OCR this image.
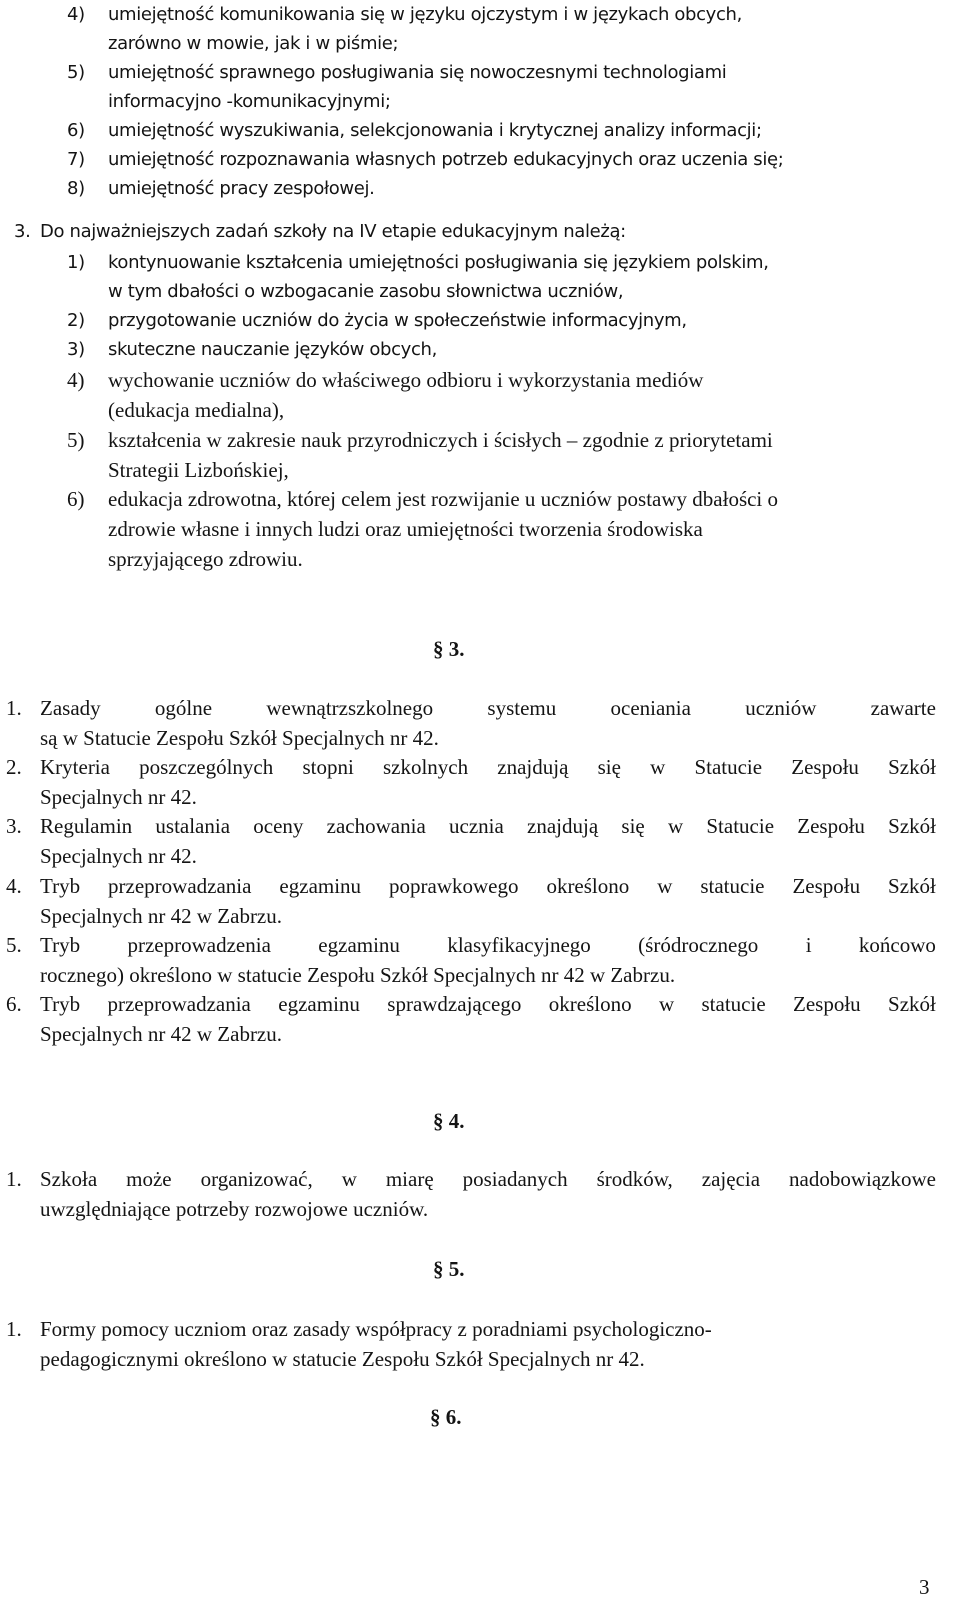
4) umiejętność komunikowania się w języku ojczystym i w językach obcych,
zarówno w mowie, jak i w piśmie;
5) umiejętność sprawnego posługiwania się nowoczesnymi technologiami
informacyjno -komunikacyjnymi;
6) umiejętność wyszukiwania, selekcjonowania i krytycznej analizy informacji;
7) umiejętność rozpoznawania własnych potrzeb edukacyjnych oraz uczenia się;
8) umiejętność pracy zespołowej.
3. Do najważniejszych zadań szkoły na IV etapie edukacyjnym należą:
1) kontynuowanie kształcenia umiejętności posługiwania się językiem polskim,
w tym dbałości o wzbogacanie zasobu słownictwa uczniów,
2) przygotowanie uczniów do życia w społeczeństwie informacyjnym,
3) skuteczne nauczanie języków obcych,
4) wychowanie uczniów do właściwego odbioru i wykorzystania mediów
(edukacja medialna),
5) kształcenia w zakresie nauk przyrodniczych i ścisłych – zgodnie z priorytetami
Strategii Lizbońskiej,
6) edukacja zdrowotna, której celem jest rozwijanie u uczniów postawy dbałości o
zdrowie własne i innych ludzi oraz umiejętności tworzenia środowiska
sprzyjającego zdrowiu.
§ 3.
1. Zasady	ogólne	wewnątrzszkolnego	systemu	oceniania	uczniów	zawarte
są w Statucie Zespołu Szkół Specjalnych nr 42.
2. Kryteria poszczególnych stopni szkolnych znajdują się w Statucie Zespołu Szkół
Specjalnych nr 42.
3. Regulamin ustalania oceny zachowania ucznia znajdują się w Statucie Zespołu Szkół
Specjalnych nr 42.
4. Tryb przeprowadzania egzaminu poprawkowego określono w statucie Zespołu Szkół
Specjalnych nr 42 w Zabrzu.
5. Tryb przeprowadzenia egzaminu klasyfikacyjnego (śródrocznego i końcowo
rocznego) określono w statucie Zespołu Szkół Specjalnych nr 42 w Zabrzu.
6. Tryb przeprowadzania egzaminu sprawdzającego określono w statucie Zespołu Szkół
Specjalnych nr 42 w Zabrzu.
§ 4.
1. Szkoła może organizować, w miarę posiadanych środków, zajęcia nadobowiązkowe
uwzględniające potrzeby rozwojowe uczniów.
§ 5.
1. Formy pomocy uczniom oraz zasady współpracy z poradniami psychologiczno-
pedagogicznymi określono w statucie Zespołu Szkół Specjalnych nr 42.
§ 6.
3
